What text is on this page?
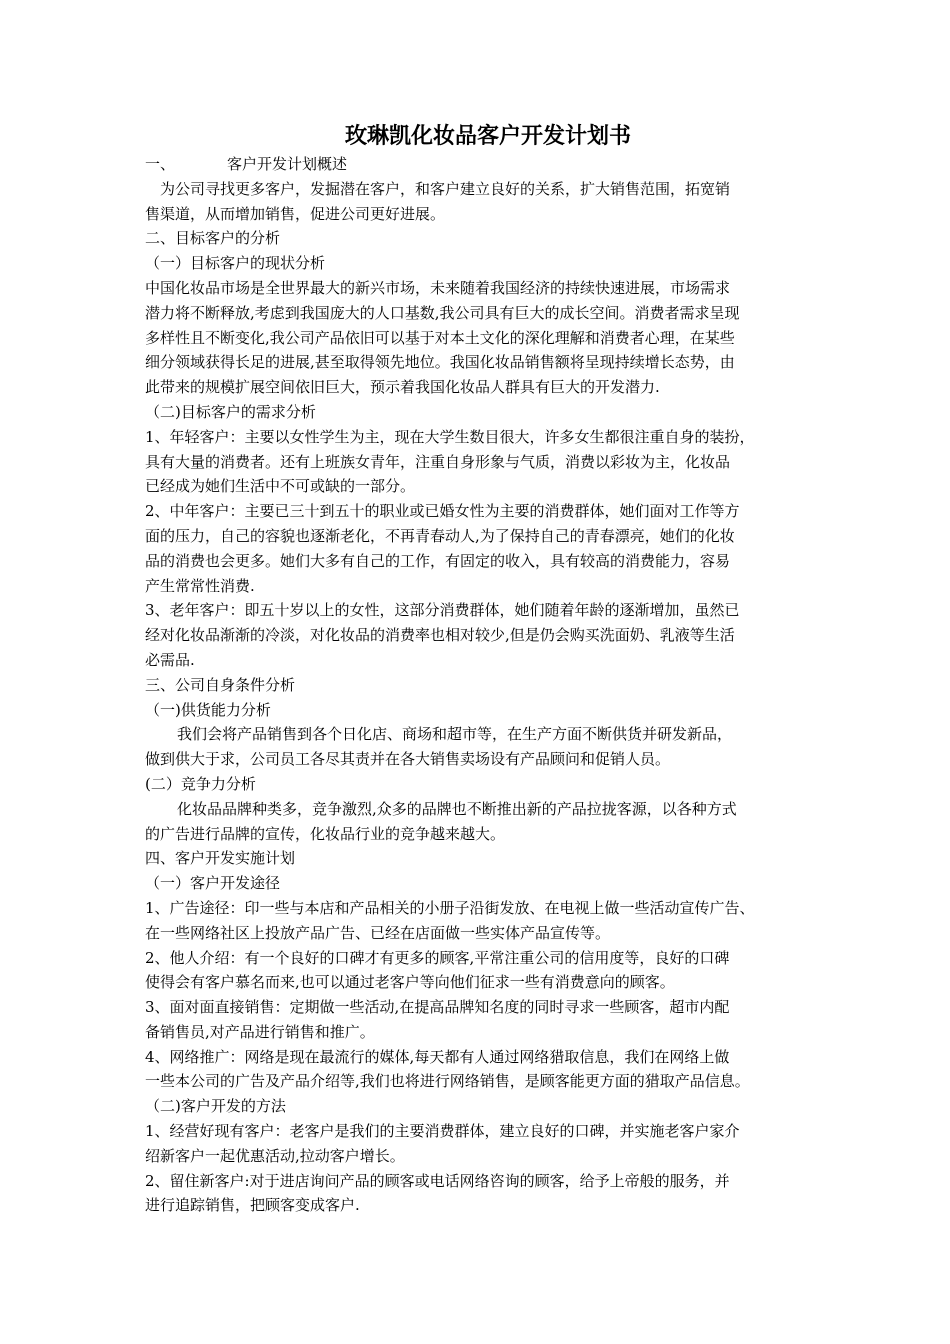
玫琳凯化妆品客户开发计划书

一、	客户开发计划概述

为公司寻找更多客户，发掘潜在客户，和客户建立良好的关系，扩大销售范围，拓宽销

售渠道，从而增加销售，促进公司更好进展。

二、目标客户的分析

（一）目标客户的现状分析

中国化妆品市场是全世界最大的新兴市场，未来随着我国经济的持续快速进展，市场需求

潜力将不断释放,考虑到我国庞大的人口基数,我公司具有巨大的成长空间。消费者需求呈现

多样性且不断变化,我公司产品依旧可以基于对本土文化的深化理解和消费者心理，在某些

细分领域获得长足的进展,甚至取得领先地位。我国化妆品销售额将呈现持续增长态势，由

此带来的规模扩展空间依旧巨大，预示着我国化妆品人群具有巨大的开发潜力.

（二)目标客户的需求分析

1、年轻客户：主要以女性学生为主，现在大学生数目很大，许多女生都很注重自身的装扮，

具有大量的消费者。还有上班族女青年，注重自身形象与气质，消费以彩妆为主，化妆品

已经成为她们生活中不可或缺的一部分。

2、中年客户：主要已三十到五十的职业或已婚女性为主要的消费群体，她们面对工作等方

面的压力，自己的容貌也逐渐老化，不再青春动人,为了保持自己的青春漂亮，她们的化妆

品的消费也会更多。她们大多有自己的工作，有固定的收入，具有较高的消费能力，容易

产生常常性消费.

3、老年客户：即五十岁以上的女性，这部分消费群体，她们随着年龄的逐渐增加，虽然已

经对化妆品渐渐的冷淡，对化妆品的消费率也相对较少,但是仍会购买洗面奶、乳液等生活

必需品.

三、公司自身条件分析

（一)供货能力分析

我们会将产品销售到各个日化店、商场和超市等，在生产方面不断供货并研发新品，

做到供大于求，公司员工各尽其责并在各大销售卖场设有产品顾问和促销人员。

(二）竞争力分析

化妆品品牌种类多，竞争激烈,众多的品牌也不断推出新的产品拉拢客源，以各种方式

的广告进行品牌的宣传，化妆品行业的竞争越来越大。

四、客户开发实施计划

（一）客户开发途径

1、广告途径：印一些与本店和产品相关的小册子沿街发放、在电视上做一些活动宣传广告、

在一些网络社区上投放产品广告、已经在店面做一些实体产品宣传等。

2、他人介绍：有一个良好的口碑才有更多的顾客,平常注重公司的信用度等，良好的口碑

使得会有客户慕名而来,也可以通过老客户等向他们征求一些有消费意向的顾客。

3、面对面直接销售：定期做一些活动,在提高品牌知名度的同时寻求一些顾客，超市内配

备销售员,对产品进行销售和推广。

4、网络推广：网络是现在最流行的媒体,每天都有人通过网络猎取信息，我们在网络上做

一些本公司的广告及产品介绍等,我们也将进行网络销售，是顾客能更方面的猎取产品信息。

（二)客户开发的方法

1、经营好现有客户：老客户是我们的主要消费群体，建立良好的口碑，并实施老客户家介

绍新客户一起优惠活动,拉动客户增长。

2、留住新客户:对于进店询问产品的顾客或电话网络咨询的顾客，给予上帝般的服务，并

进行追踪销售，把顾客变成客户.
